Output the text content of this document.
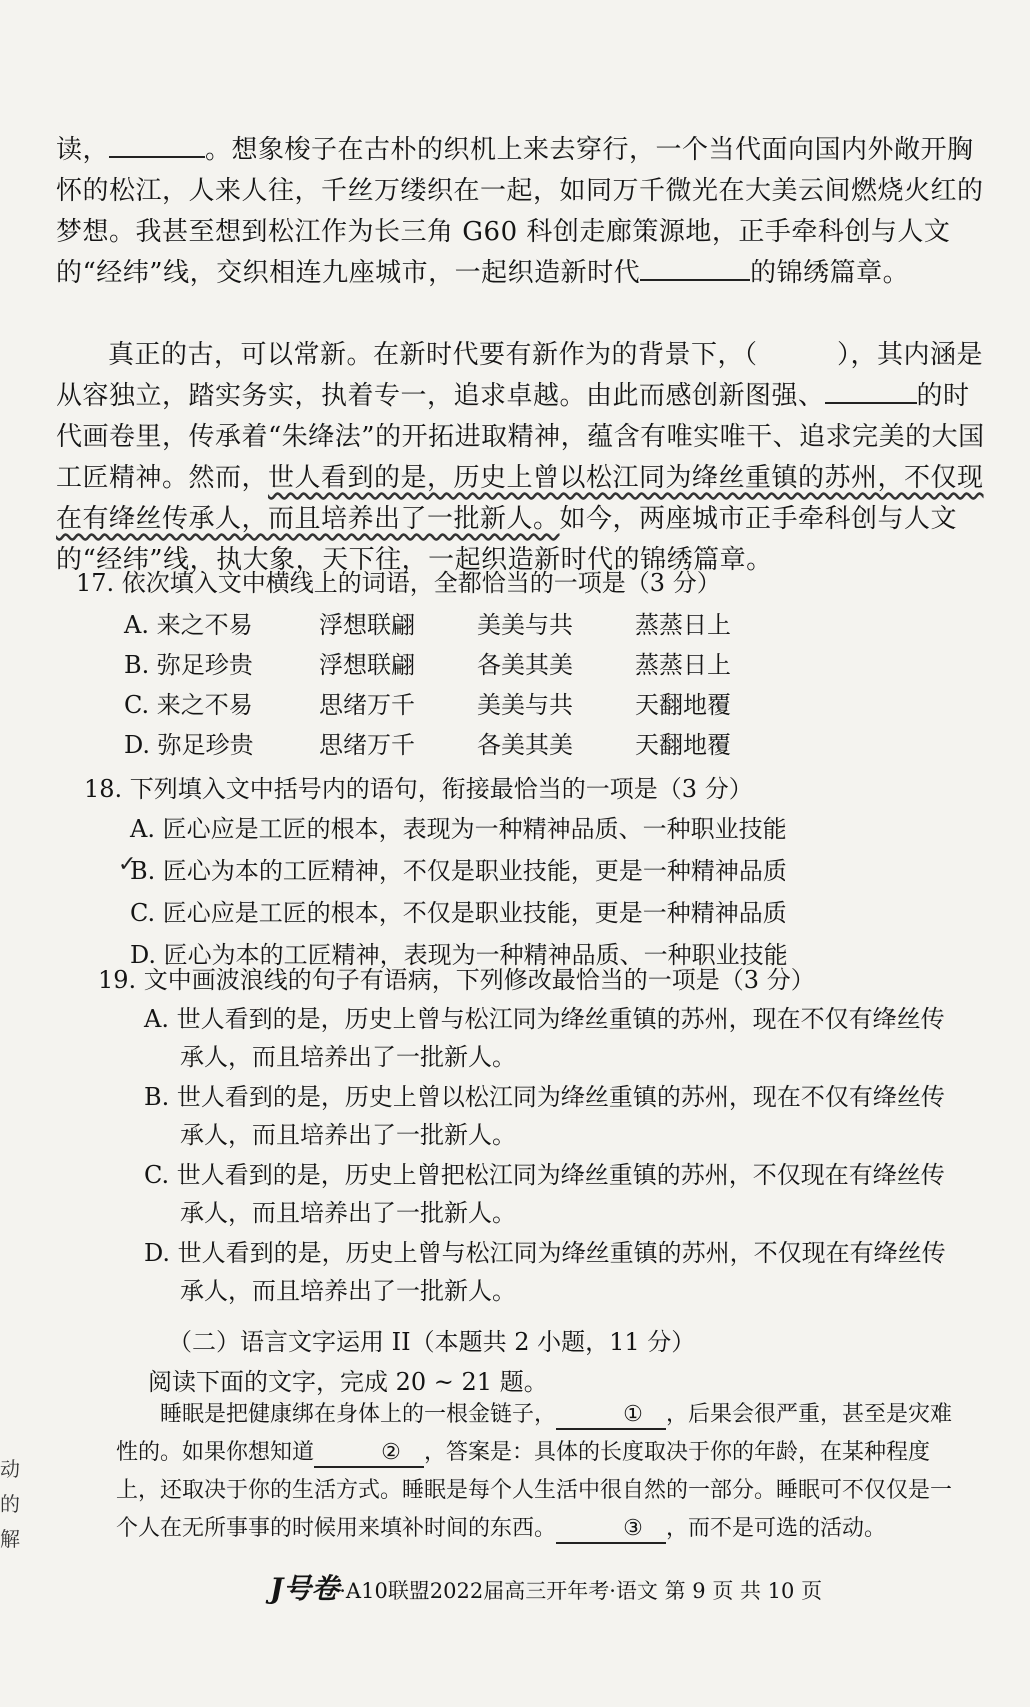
读，	。想象梭子在古朴的织机上来去穿行，一个当代面向国内外敞开胸怀的松江，人来人往，千丝万缕织在一起，如同万千微光在大美云间燃烧火红的梦想。我甚至想到松江作为长三角 G60 科创走廊策源地，正手牵科创与人文的“经纬”线，交织相连九座城市，一起织造新时代	的锦绣篇章。

真正的古，可以常新。在新时代要有新作为的背景下，（　　　），其内涵是从容独立，踏实务实，执着专一，追求卓越。由此而感创新图强、	的时代画卷里，传承着“朱绛法”的开拓进取精神，蕴含有唯实唯干、追求完美的大国工匠精神。然而，世人看到的是，历史上曾以松江同为绛丝重镇的苏州，不仅现在有绛丝传承人，而且培养出了一批新人。如今，两座城市正手牵科创与人文的“经纬”线，执大象，天下往，一起织造新时代的锦绣篇章。

17. 依次填入文中横线上的词语，全都恰当的一项是（3 分）
A. 来之不易	浮想联翩	美美与共	蒸蒸日上
B. 弥足珍贵	浮想联翩	各美其美	蒸蒸日上
C. 来之不易	思绪万千	美美与共	天翻地覆
D. 弥足珍贵	思绪万千	各美其美	天翻地覆
18. 下列填入文中括号内的语句，衔接最恰当的一项是（3 分）
A. 匠心应是工匠的根本，表现为一种精神品质、一种职业技能
B. 匠心为本的工匠精神，不仅是职业技能，更是一种精神品质
C. 匠心应是工匠的根本，不仅是职业技能，更是一种精神品质
D. 匠心为本的工匠精神，表现为一种精神品质、一种职业技能
✓
19. 文中画波浪线的句子有语病，下列修改最恰当的一项是（3 分）
A. 世人看到的是，历史上曾与松江同为绛丝重镇的苏州，现在不仅有绛丝传
承人，而且培养出了一批新人。
B. 世人看到的是，历史上曾以松江同为绛丝重镇的苏州，现在不仅有绛丝传
承人，而且培养出了一批新人。
C. 世人看到的是，历史上曾把松江同为绛丝重镇的苏州，不仅现在有绛丝传
承人，而且培养出了一批新人。
D. 世人看到的是，历史上曾与松江同为绛丝重镇的苏州，不仅现在有绛丝传
承人，而且培养出了一批新人。
（二）语言文字运用 II（本题共 2 小题，11 分）
阅读下面的文字，完成 20 ~ 21 题。

睡眠是把健康绑在身体上的一根金链子，	① ，后果会很严重，甚至是灾难性的。如果你想知道	② ，答案是：具体的长度取决于你的年龄，在某种程度上，还取决于你的生活方式。睡眠是每个人生活中很自然的一部分。睡眠可不仅仅是一个人在无所事事的时候用来填补时间的东西。	③ ，而不是可选的活动。

动
的
解
J号卷·A10联盟2022届高三开年考·语文 第 9 页 共 10 页
